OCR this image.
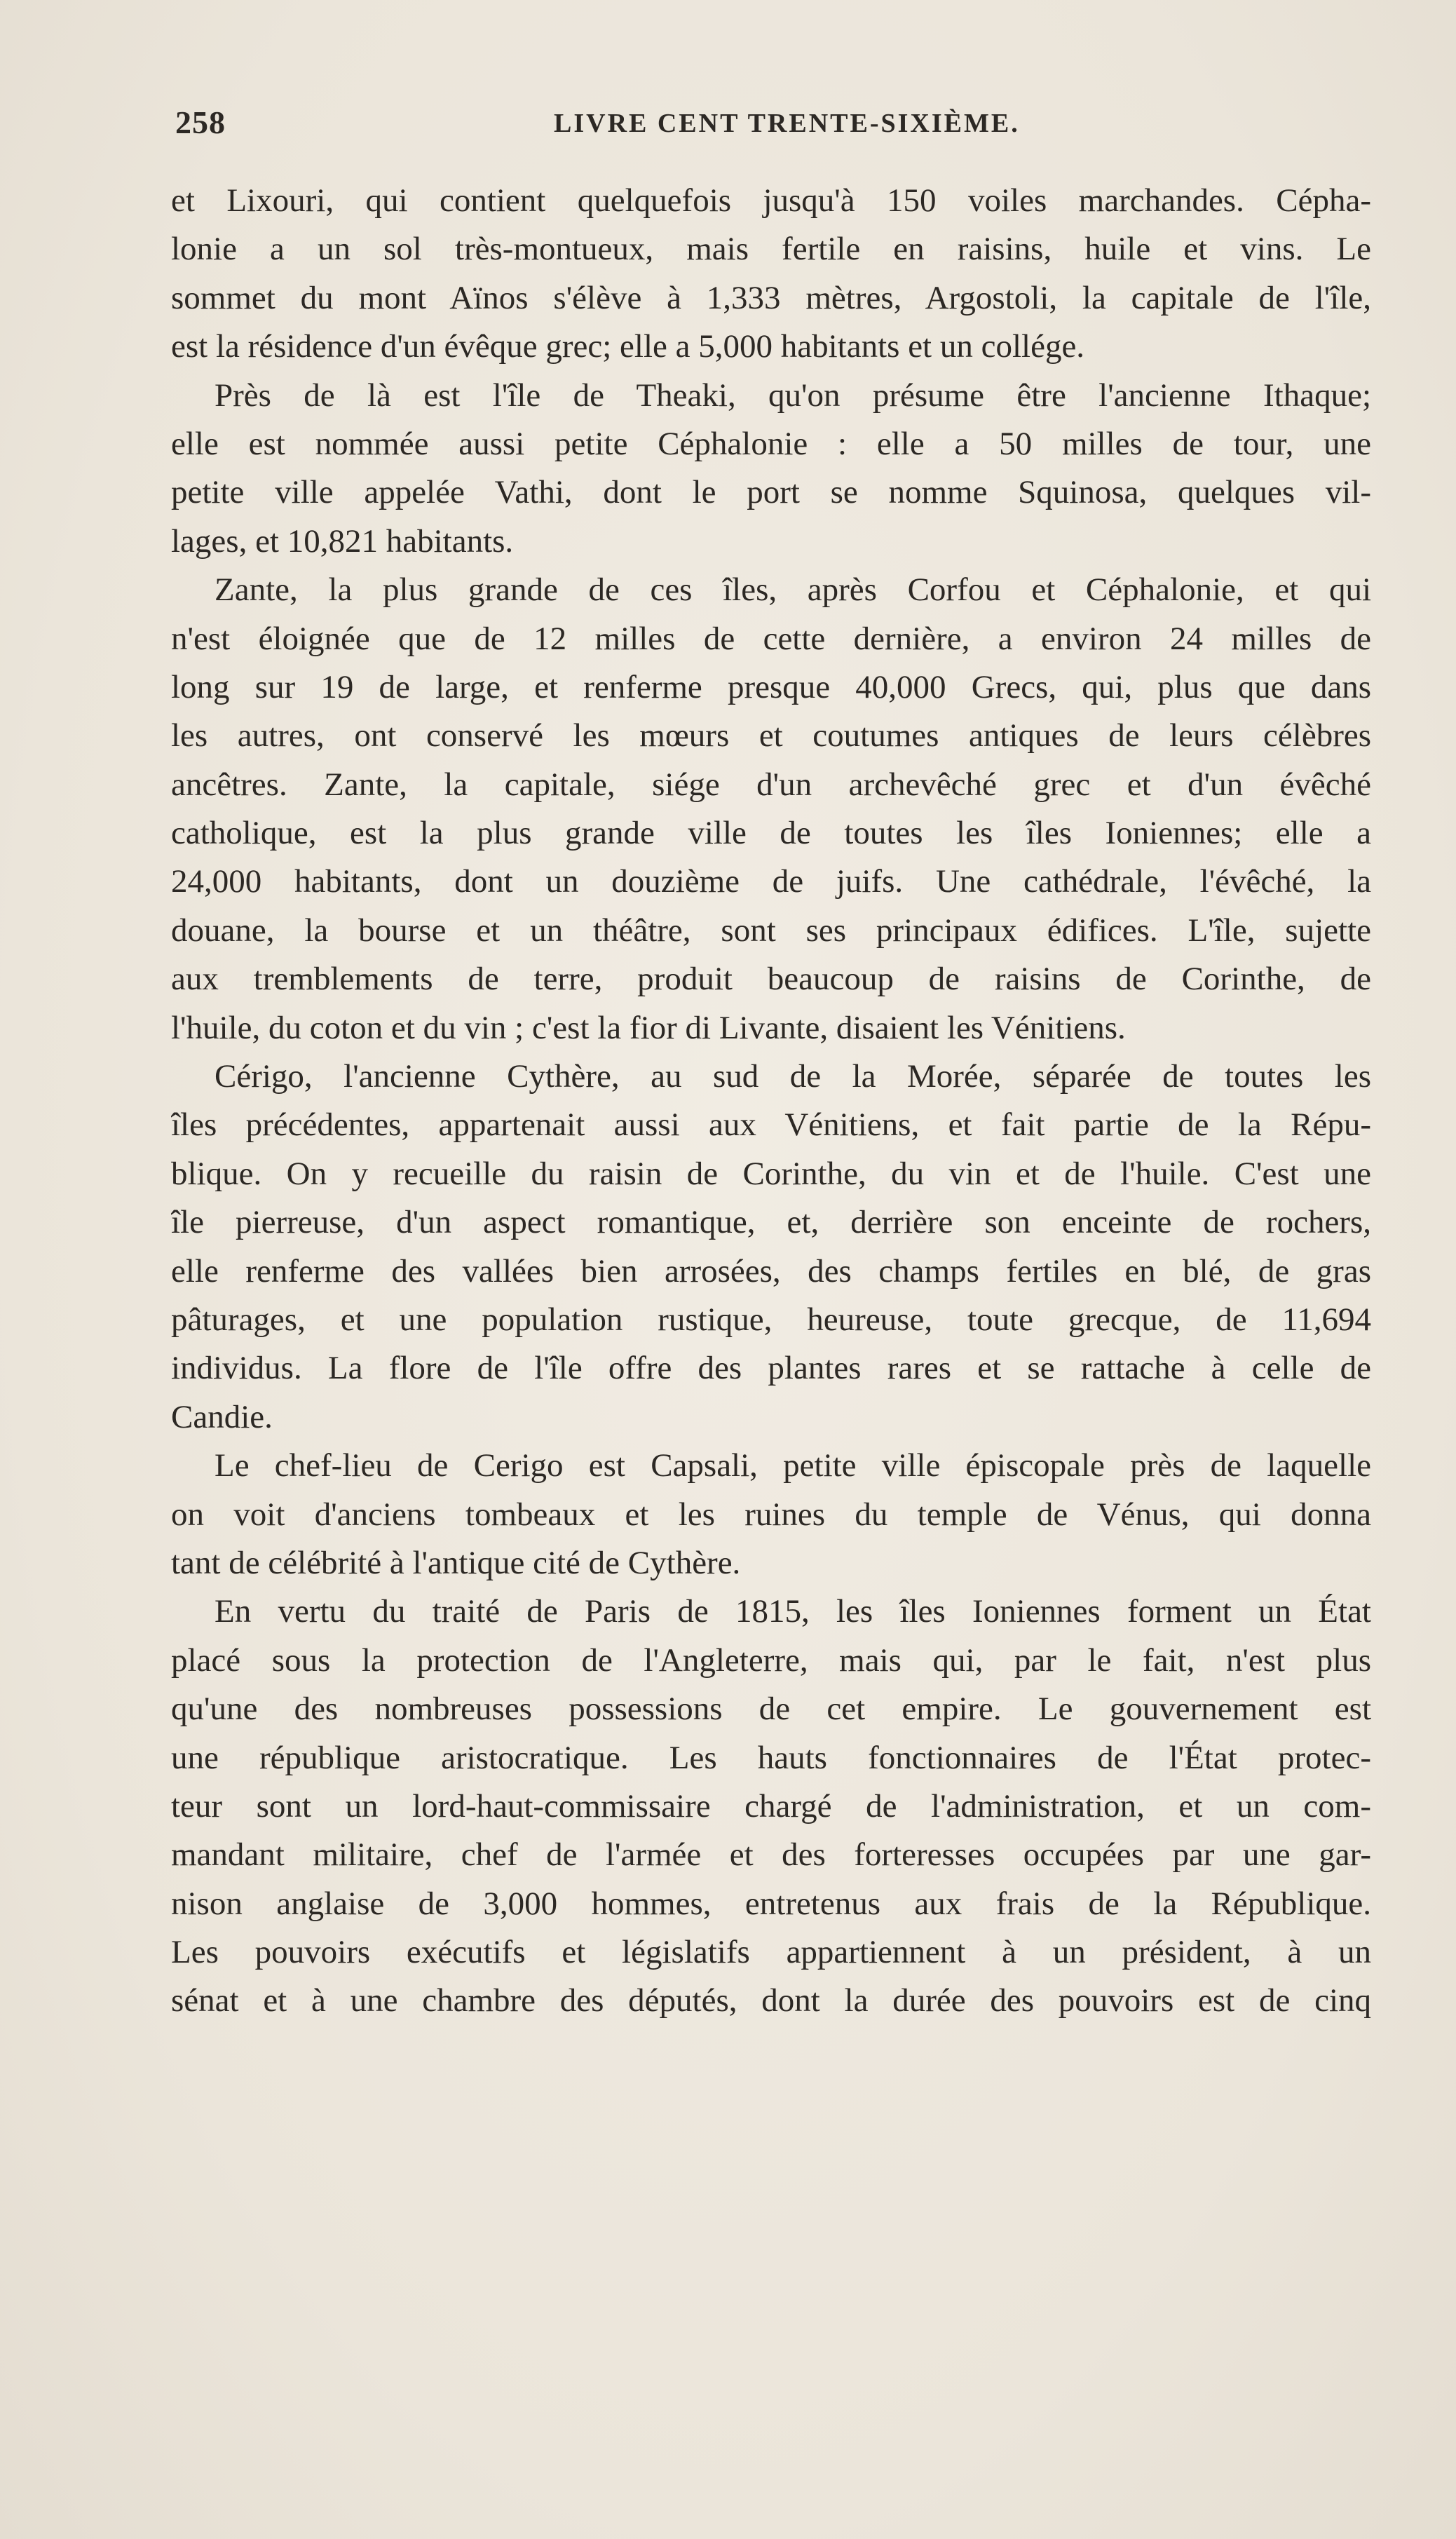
258	LIVRE CENT TRENTE-SIXIÈME.
et Lixouri, qui contient quelquefois jusqu'à 150 voiles marchandes. Cépha-
lonie a un sol très-montueux, mais fertile en raisins, huile et vins. Le
sommet du mont Aïnos s'élève à 1,333 mètres, Argostoli, la capitale de l'île,
est la résidence d'un évêque grec; elle a 5,000 habitants et un collége.
Près de là est l'île de Theaki, qu'on présume être l'ancienne Ithaque;
elle est nommée aussi petite Céphalonie : elle a 50 milles de tour, une
petite ville appelée Vathi, dont le port se nomme Squinosa, quelques vil-
lages, et 10,821 habitants.
Zante, la plus grande de ces îles, après Corfou et Céphalonie, et qui
n'est éloignée que de 12 milles de cette dernière, a environ 24 milles de
long sur 19 de large, et renferme presque 40,000 Grecs, qui, plus que dans
les autres, ont conservé les mœurs et coutumes antiques de leurs célèbres
ancêtres. Zante, la capitale, siége d'un archevêché grec et d'un évêché
catholique, est la plus grande ville de toutes les îles Ioniennes; elle a
24,000 habitants, dont un douzième de juifs. Une cathédrale, l'évêché, la
douane, la bourse et un théâtre, sont ses principaux édifices. L'île, sujette
aux tremblements de terre, produit beaucoup de raisins de Corinthe, de
l'huile, du coton et du vin ; c'est la fior di Livante, disaient les Vénitiens.
Cérigo, l'ancienne Cythère, au sud de la Morée, séparée de toutes les
îles précédentes, appartenait aussi aux Vénitiens, et fait partie de la Répu-
blique. On y recueille du raisin de Corinthe, du vin et de l'huile. C'est une
île pierreuse, d'un aspect romantique, et, derrière son enceinte de rochers,
elle renferme des vallées bien arrosées, des champs fertiles en blé, de gras
pâturages, et une population rustique, heureuse, toute grecque, de 11,694
individus. La flore de l'île offre des plantes rares et se rattache à celle de
Candie.
Le chef-lieu de Cerigo est Capsali, petite ville épiscopale près de laquelle
on voit d'anciens tombeaux et les ruines du temple de Vénus, qui donna
tant de célébrité à l'antique cité de Cythère.
En vertu du traité de Paris de 1815, les îles Ioniennes forment un État
placé sous la protection de l'Angleterre, mais qui, par le fait, n'est plus
qu'une des nombreuses possessions de cet empire. Le gouvernement est
une république aristocratique. Les hauts fonctionnaires de l'État protec-
teur sont un lord-haut-commissaire chargé de l'administration, et un com-
mandant militaire, chef de l'armée et des forteresses occupées par une gar-
nison anglaise de 3,000 hommes, entretenus aux frais de la République.
Les pouvoirs exécutifs et législatifs appartiennent à un président, à un
sénat et à une chambre des députés, dont la durée des pouvoirs est de cinq
